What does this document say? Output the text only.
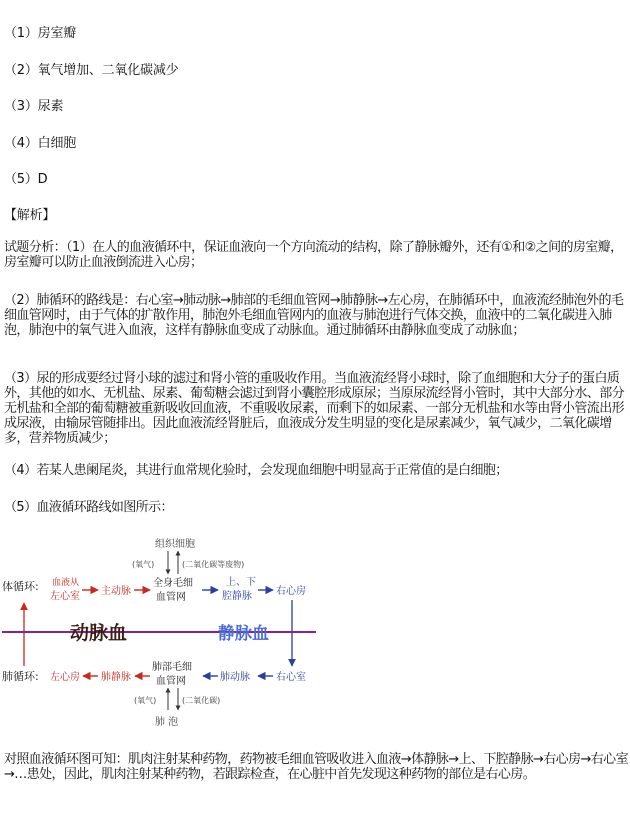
（1）房室瓣
（2）氧气增加、二氧化碳减少
（3）尿素
（4）白细胞
（5）D
【解析】
试题分析：（1）在人的血液循环中，保证血液向一个方向流动的结构，除了静脉瓣外，还有①和②之间的房室瓣，房室瓣可以防止血液倒流进入心房；
（2）肺循环的路线是：右心室→肺动脉→肺部的毛细血管网→肺静脉→左心房，在肺循环中，血液流经肺泡外的毛细血管网时，由于气体的扩散作用，肺泡外毛细血管网内的血液与肺泡进行气体交换，血液中的二氧化碳进入肺泡，肺泡中的氧气进入血液，这样有静脉血变成了动脉血。通过肺循环由静脉血变成了动脉血；
（3）尿的形成要经过肾小球的滤过和肾小管的重吸收作用。当血液流经肾小球时，除了血细胞和大分子的蛋白质外，其他的如水、无机盐、尿素、葡萄糖会滤过到肾小囊腔形成原尿；当原尿流经肾小管时，其中大部分水、部分无机盐和全部的葡萄糖被重新吸收回血液，不重吸收尿素，而剩下的如尿素、一部分无机盐和水等由肾小管流出形成尿液，由输尿管随排出。因此血液流经肾脏后，血液成分发生明显的变化是尿素减少，氧气减少，二氧化碳增多，营养物质减少；
（4）若某人患阑尾炎，其进行血常规化验时，会发现血细胞中明显高于正常值的是白细胞；
（5）血液循环路线如图所示：
组织细胞
(氧气)	(二氧化碳等废物)
体循环: 血液从
左心室 主动脉
全身毛细
血管网
上、下
腔静脉 右心房
动脉血	静脉血
肺循环: 左心房 肺静脉
肺部毛细
血管网	肺动脉	右心室
(氧气)	(二氧化碳)
肺 泡
对照血液循环图可知：肌肉注射某种药物，药物被毛细血管吸收进入血液→体静脉→上、下腔静脉→右心房→右心室→…患处，因此，肌肉注射某种药物，若跟踪检查，在心脏中首先发现这种药物的部位是右心房。
